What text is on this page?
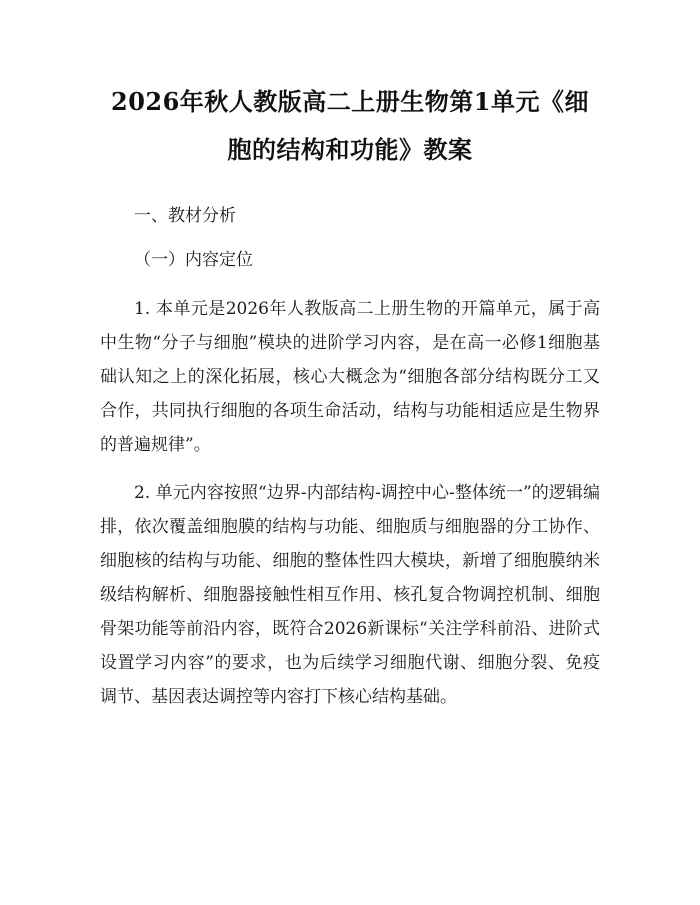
2026年秋人教版高二上册生物第1单元《细胞的结构和功能》教案

一、教材分析

（一）内容定位

1. 本单元是2026年人教版高二上册生物的开篇单元，属于高中生物“分子与细胞”模块的进阶学习内容，是在高一必修1细胞基础认知之上的深化拓展，核心大概念为“细胞各部分结构既分工又合作，共同执行细胞的各项生命活动，结构与功能相适应是生物界的普遍规律”。

2. 单元内容按照“边界-内部结构-调控中心-整体统一”的逻辑编排，依次覆盖细胞膜的结构与功能、细胞质与细胞器的分工协作、细胞核的结构与功能、细胞的整体性四大模块，新增了细胞膜纳米级结构解析、细胞器接触性相互作用、核孔复合物调控机制、细胞骨架功能等前沿内容，既符合2026新课标“关注学科前沿、进阶式设置学习内容”的要求，也为后续学习细胞代谢、细胞分裂、免疫调节、基因表达调控等内容打下核心结构基础。
